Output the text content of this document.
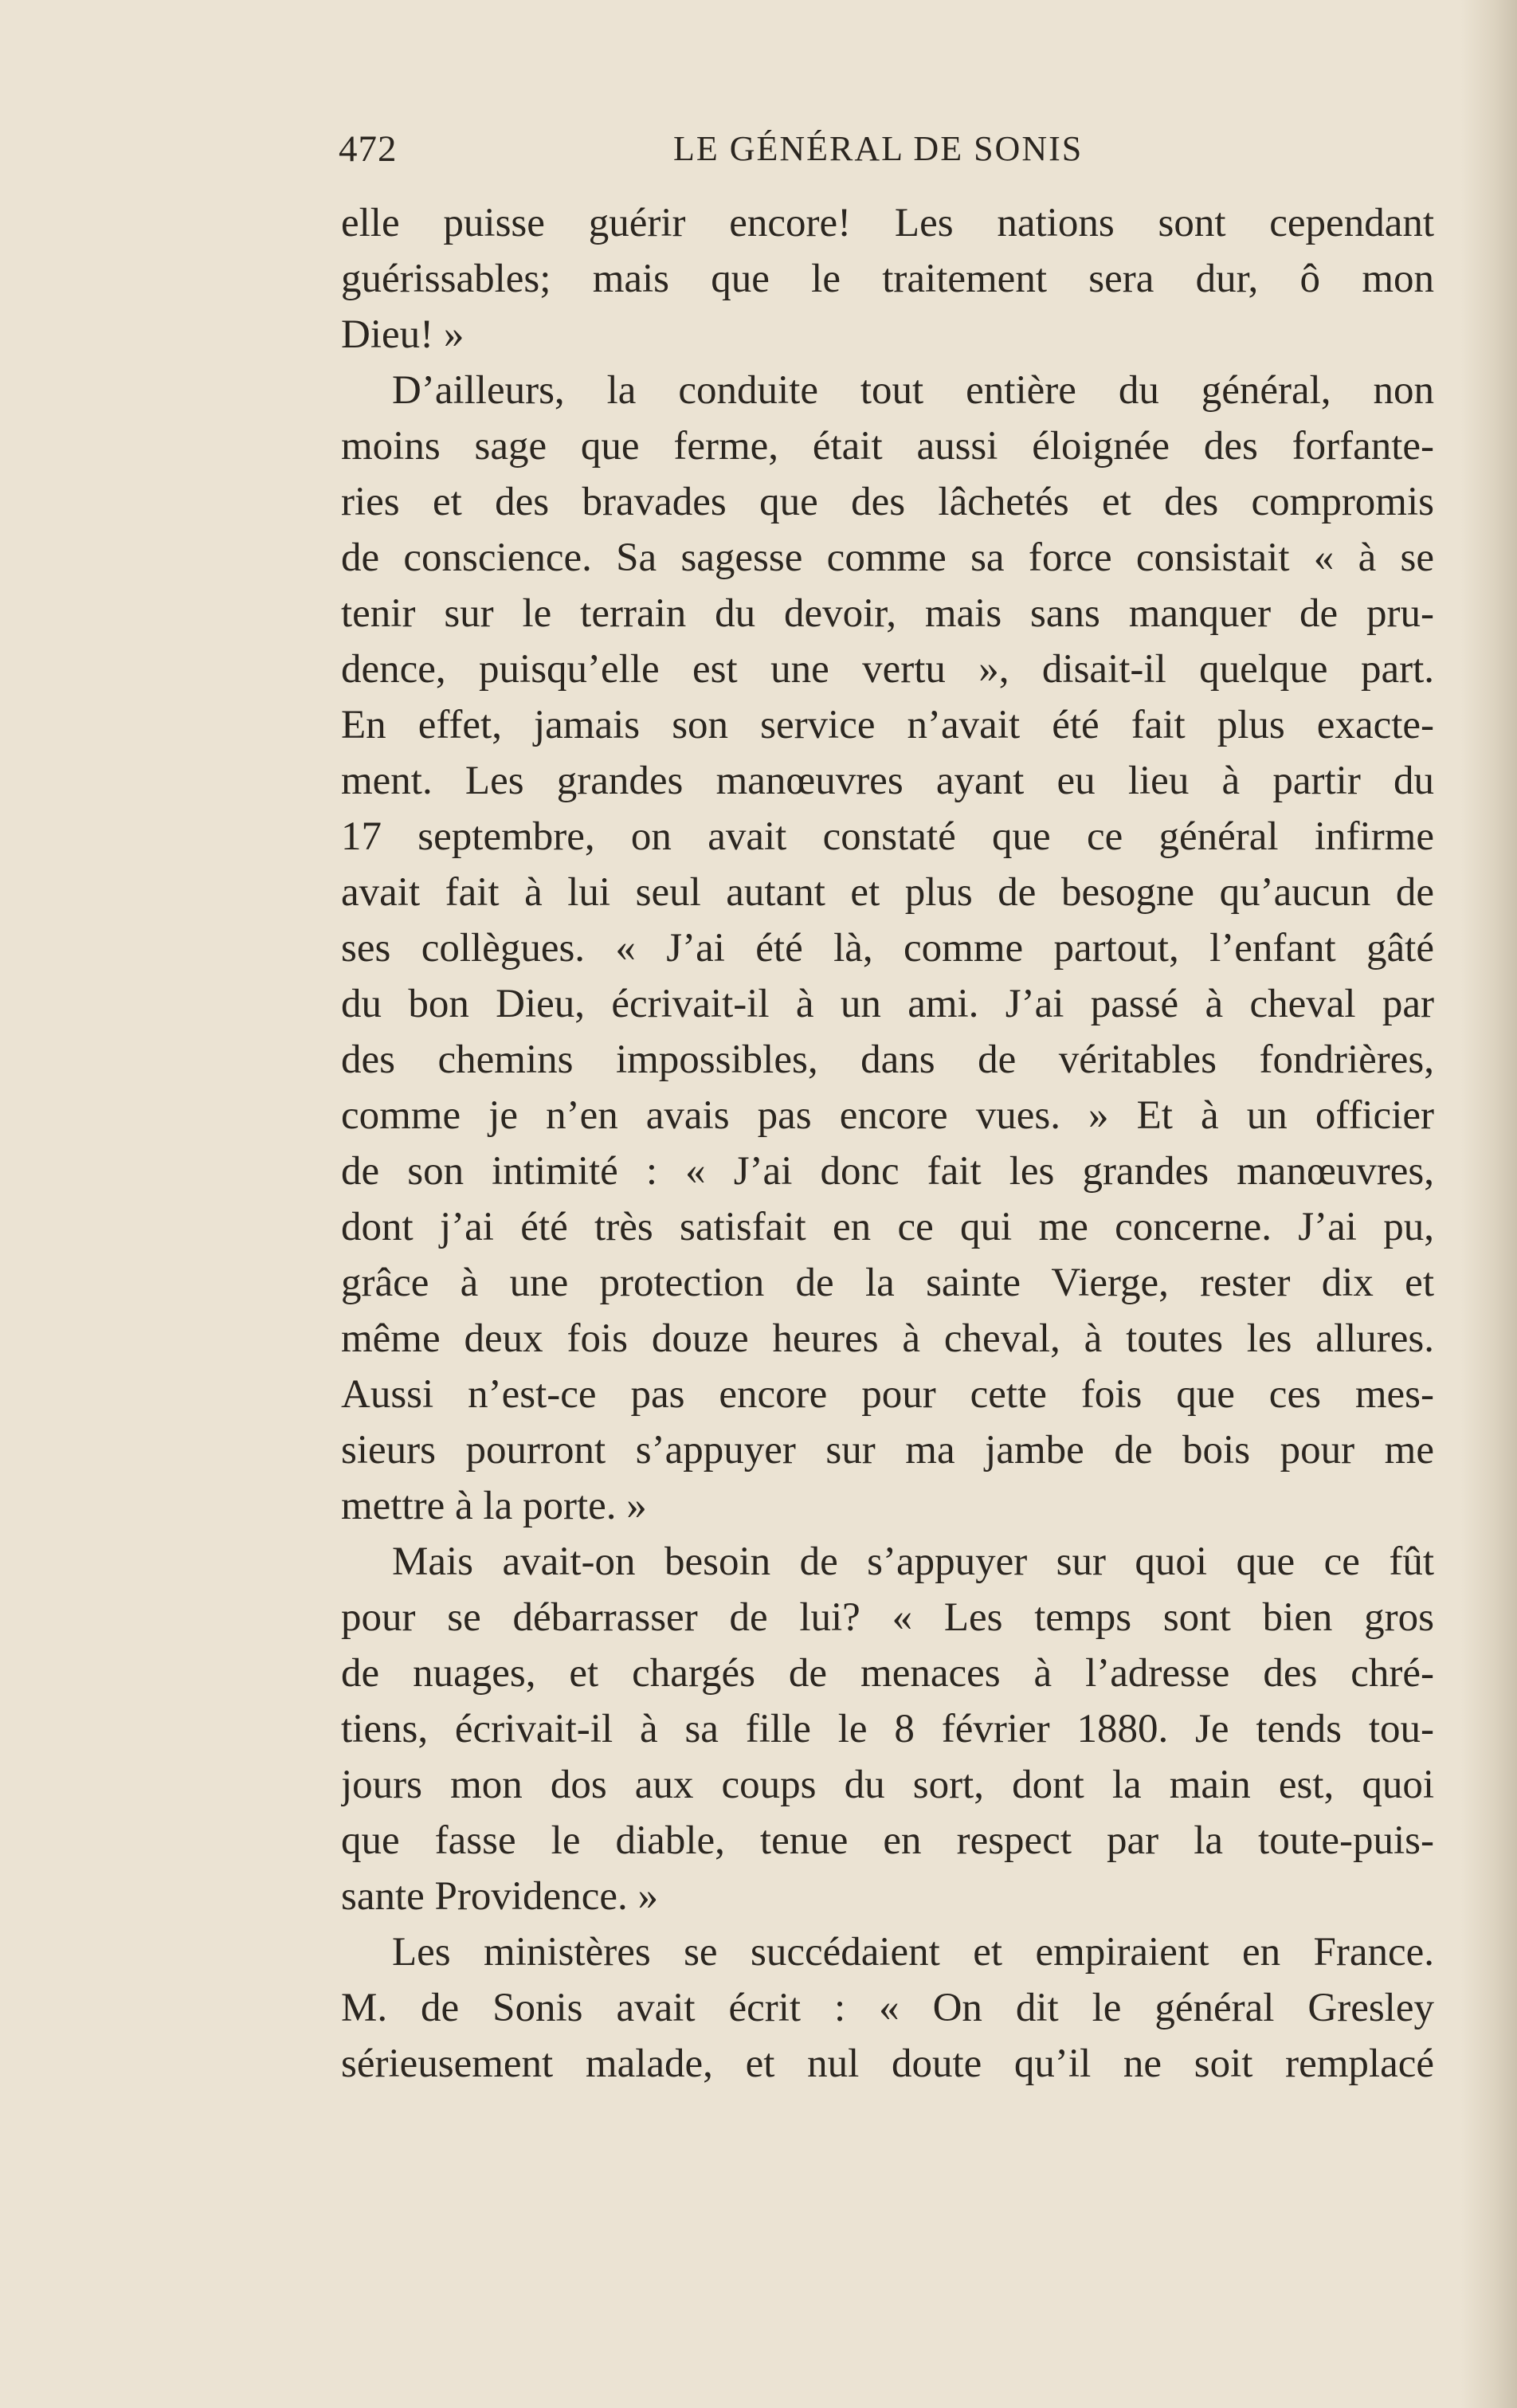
472	LE GÉNÉRAL DE SONIS
elle puisse guérir encore! Les nations sont cependant
guérissables; mais que le traitement sera dur, ô mon
Dieu! »
D’ailleurs, la conduite tout entière du général, non
moins sage que ferme, était aussi éloignée des forfante-
ries et des bravades que des lâchetés et des compromis
de conscience. Sa sagesse comme sa force consistait « à se
tenir sur le terrain du devoir, mais sans manquer de pru-
dence, puisqu’elle est une vertu », disait-il quelque part.
En effet, jamais son service n’avait été fait plus exacte-
ment. Les grandes manœuvres ayant eu lieu à partir du
17 septembre, on avait constaté que ce général infirme
avait fait à lui seul autant et plus de besogne qu’aucun de
ses collègues. « J’ai été là, comme partout, l’enfant gâté
du bon Dieu, écrivait-il à un ami. J’ai passé à cheval par
des chemins impossibles, dans de véritables fondrières,
comme je n’en avais pas encore vues. » Et à un officier
de son intimité : « J’ai donc fait les grandes manœuvres,
dont j’ai été très satisfait en ce qui me concerne. J’ai pu,
grâce à une protection de la sainte Vierge, rester dix et
même deux fois douze heures à cheval, à toutes les allures.
Aussi n’est-ce pas encore pour cette fois que ces mes-
sieurs pourront s’appuyer sur ma jambe de bois pour me
mettre à la porte. »
Mais avait-on besoin de s’appuyer sur quoi que ce fût
pour se débarrasser de lui? « Les temps sont bien gros
de nuages, et chargés de menaces à l’adresse des chré-
tiens, écrivait-il à sa fille le 8 février 1880. Je tends tou-
jours mon dos aux coups du sort, dont la main est, quoi
que fasse le diable, tenue en respect par la toute-puis-
sante Providence. »
Les ministères se succédaient et empiraient en France.
M. de Sonis avait écrit : « On dit le général Gresley
sérieusement malade, et nul doute qu’il ne soit remplacé
